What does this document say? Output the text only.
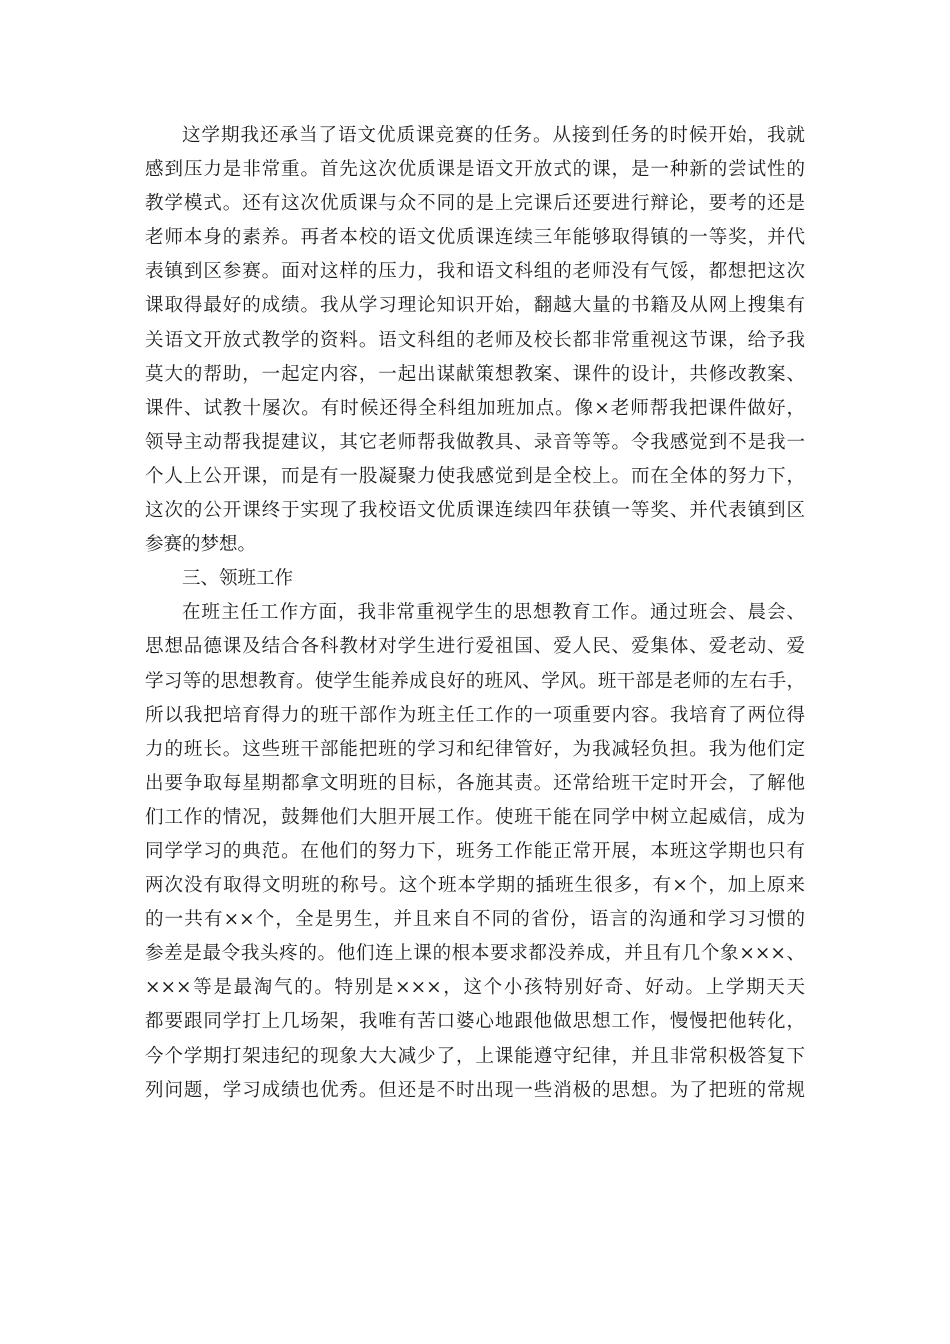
这学期我还承当了语文优质课竞赛的任务。从接到任务的时候开始，我就
感到压力是非常重。首先这次优质课是语文开放式的课，是一种新的尝试性的
教学模式。还有这次优质课与众不同的是上完课后还要进行辩论，要考的还是
老师本身的素养。再者本校的语文优质课连续三年能够取得镇的一等奖，并代
表镇到区参赛。面对这样的压力，我和语文科组的老师没有气馁，都想把这次
课取得最好的成绩。我从学习理论知识开始，翻越大量的书籍及从网上搜集有
关语文开放式教学的资料。语文科组的老师及校长都非常重视这节课，给予我
莫大的帮助，一起定内容，一起出谋献策想教案、课件的设计，共修改教案、
课件、试教十屡次。有时候还得全科组加班加点。像×老师帮我把课件做好，
领导主动帮我提建议，其它老师帮我做教具、录音等等。令我感觉到不是我一
个人上公开课，而是有一股凝聚力使我感觉到是全校上。而在全体的努力下，
这次的公开课终于实现了我校语文优质课连续四年获镇一等奖、并代表镇到区
参赛的梦想。
三、领班工作
在班主任工作方面，我非常重视学生的思想教育工作。通过班会、晨会、
思想品德课及结合各科教材对学生进行爱祖国、爱人民、爱集体、爱老动、爱
学习等的思想教育。使学生能养成良好的班风、学风。班干部是老师的左右手，
所以我把培育得力的班干部作为班主任工作的一项重要内容。我培育了两位得
力的班长。这些班干部能把班的学习和纪律管好，为我减轻负担。我为他们定
出要争取每星期都拿文明班的目标，各施其责。还常给班干定时开会，了解他
们工作的情况，鼓舞他们大胆开展工作。使班干能在同学中树立起威信，成为
同学学习的典范。在他们的努力下，班务工作能正常开展，本班这学期也只有
两次没有取得文明班的称号。这个班本学期的插班生很多，有×个，加上原来
的一共有××个，全是男生，并且来自不同的省份，语言的沟通和学习习惯的
参差是最令我头疼的。他们连上课的根本要求都没养成，并且有几个象×××、
×××等是最淘气的。特别是×××，这个小孩特别好奇、好动。上学期天天
都要跟同学打上几场架，我唯有苦口婆心地跟他做思想工作，慢慢把他转化，
今个学期打架违纪的现象大大减少了，上课能遵守纪律，并且非常积极答复下
列问题，学习成绩也优秀。但还是不时出现一些消极的思想。为了把班的常规
